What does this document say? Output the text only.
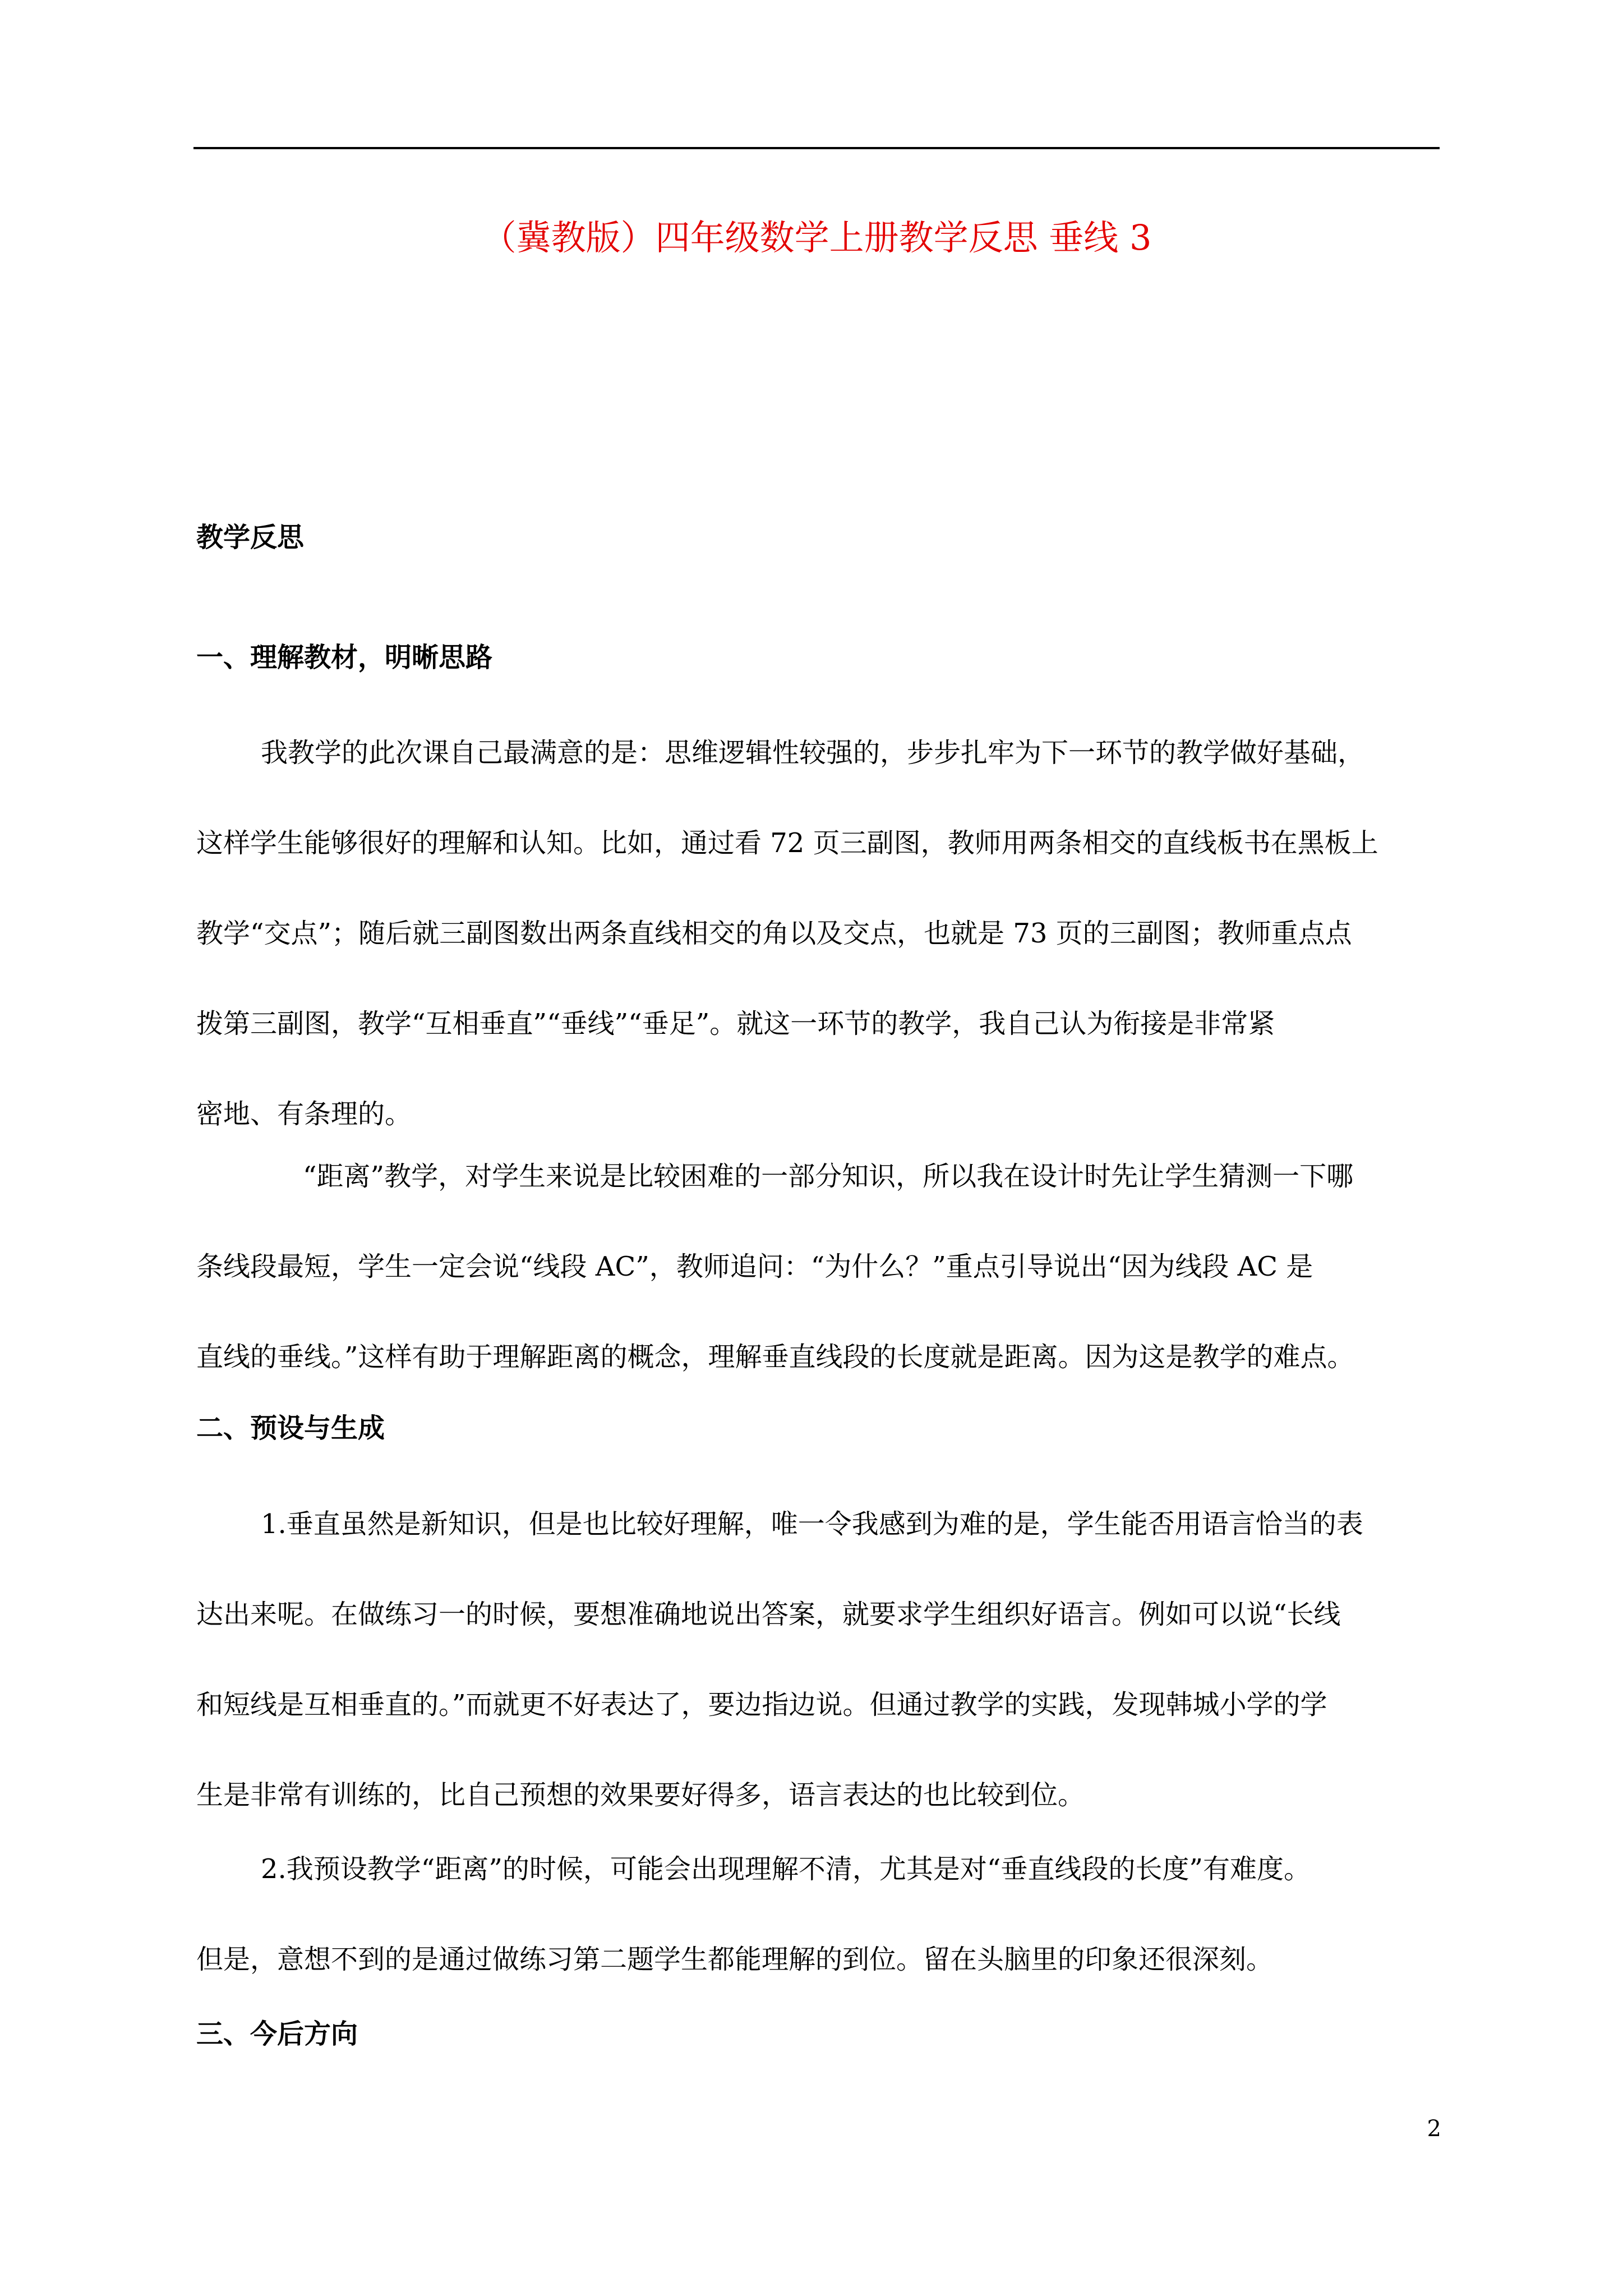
（冀教版）四年级数学上册教学反思 垂线 3
教学反思
一、理解教材，明晰思路
我教学的此次课自己最满意的是：思维逻辑性较强的，步步扎牢为下一环节的教学做好基础，
这样学生能够很好的理解和认知。比如，通过看 72 页三副图，教师用两条相交的直线板书在黑板上
教学“交点”；随后就三副图数出两条直线相交的角以及交点，也就是 73 页的三副图；教师重点点
拨第三副图，教学“互相垂直”“垂线”“垂足”。就这一环节的教学，我自己认为衔接是非常紧
密地、有条理的。
“距离”教学，对学生来说是比较困难的一部分知识，所以我在设计时先让学生猜测一下哪
条线段最短，学生一定会说“线段 AC”，教师追问：“为什么？”重点引导说出“因为线段 AC 是
直线的垂线。”这样有助于理解距离的概念，理解垂直线段的长度就是距离。因为这是教学的难点。
二、预设与生成
1.垂直虽然是新知识，但是也比较好理解，唯一令我感到为难的是，学生能否用语言恰当的表
达出来呢。在做练习一的时候，要想准确地说出答案，就要求学生组织好语言。例如可以说“长线
和短线是互相垂直的。”而就更不好表达了，要边指边说。但通过教学的实践，发现韩城小学的学
生是非常有训练的，比自己预想的效果要好得多，语言表达的也比较到位。
2.我预设教学“距离”的时候，可能会出现理解不清，尤其是对“垂直线段的长度”有难度。
但是，意想不到的是通过做练习第二题学生都能理解的到位。留在头脑里的印象还很深刻。
三、今后方向
2
